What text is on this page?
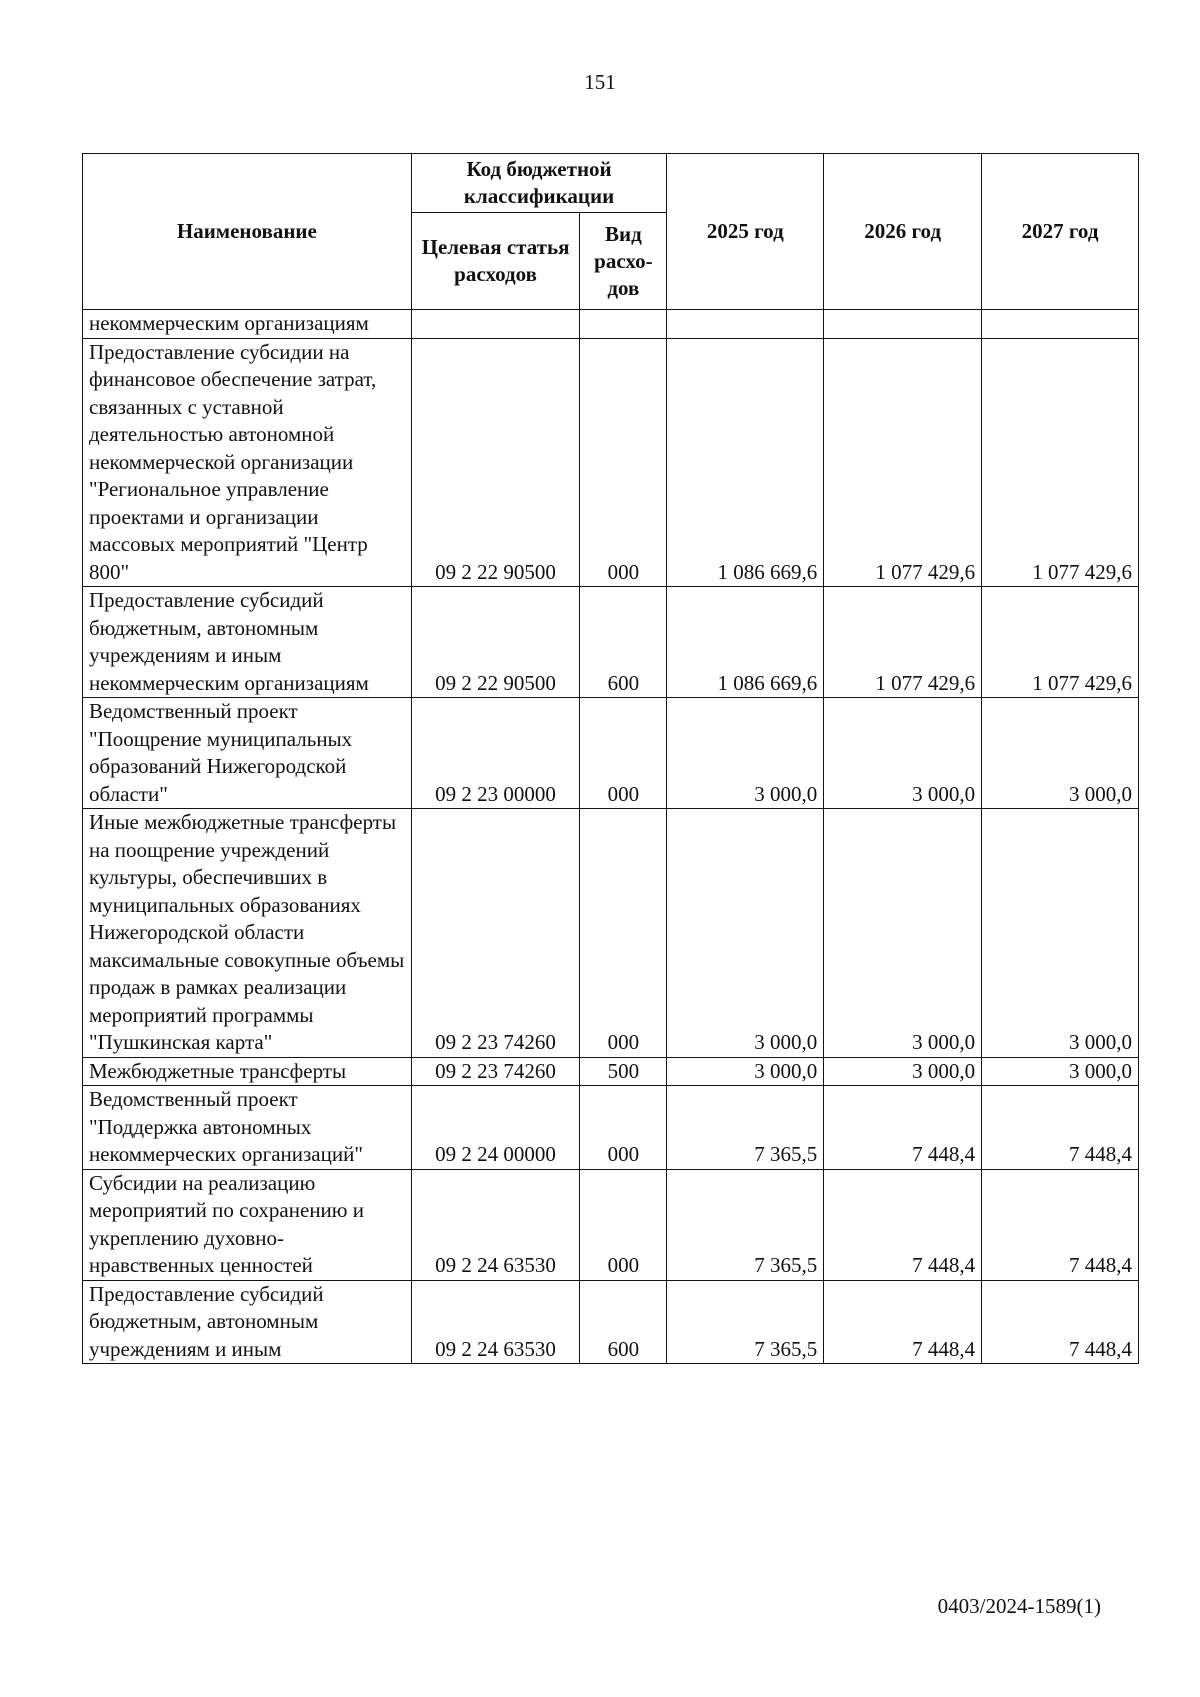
151
Наименование	Код бюджетной классификации		2025 год	2026 год	2027 год
	Целевая статья расходов	Вид расхо-дов			
некоммерческим организациям					
Предоставление субсидии на финансовое обеспечение затрат, связанных с уставной деятельностью автономной некоммерческой организации "Региональное управление проектами и организации массовых мероприятий "Центр 800"	09 2 22 90500	000	1 086 669,6	1 077 429,6	1 077 429,6
Предоставление субсидий бюджетным, автономным учреждениям и иным некоммерческим организациям	09 2 22 90500	600	1 086 669,6	1 077 429,6	1 077 429,6
Ведомственный проект "Поощрение муниципальных образований Нижегородской области"	09 2 23 00000	000	3 000,0	3 000,0	3 000,0
Иные межбюджетные трансферты на поощрение учреждений культуры, обеспечивших в муниципальных образованиях Нижегородской области максимальные совокупные объемы продаж в рамках реализации мероприятий программы "Пушкинская карта"	09 2 23 74260	000	3 000,0	3 000,0	3 000,0
Межбюджетные трансферты	09 2 23 74260	500	3 000,0	3 000,0	3 000,0
Ведомственный проект "Поддержка автономных некоммерческих организаций"	09 2 24 00000	000	7 365,5	7 448,4	7 448,4
Субсидии на реализацию мероприятий по сохранению и укреплению духовно-нравственных ценностей	09 2 24 63530	000	7 365,5	7 448,4	7 448,4
Предоставление субсидий бюджетным, автономным учреждениям и иным	09 2 24 63530	600	7 365,5	7 448,4	7 448,4
0403/2024-1589(1)
